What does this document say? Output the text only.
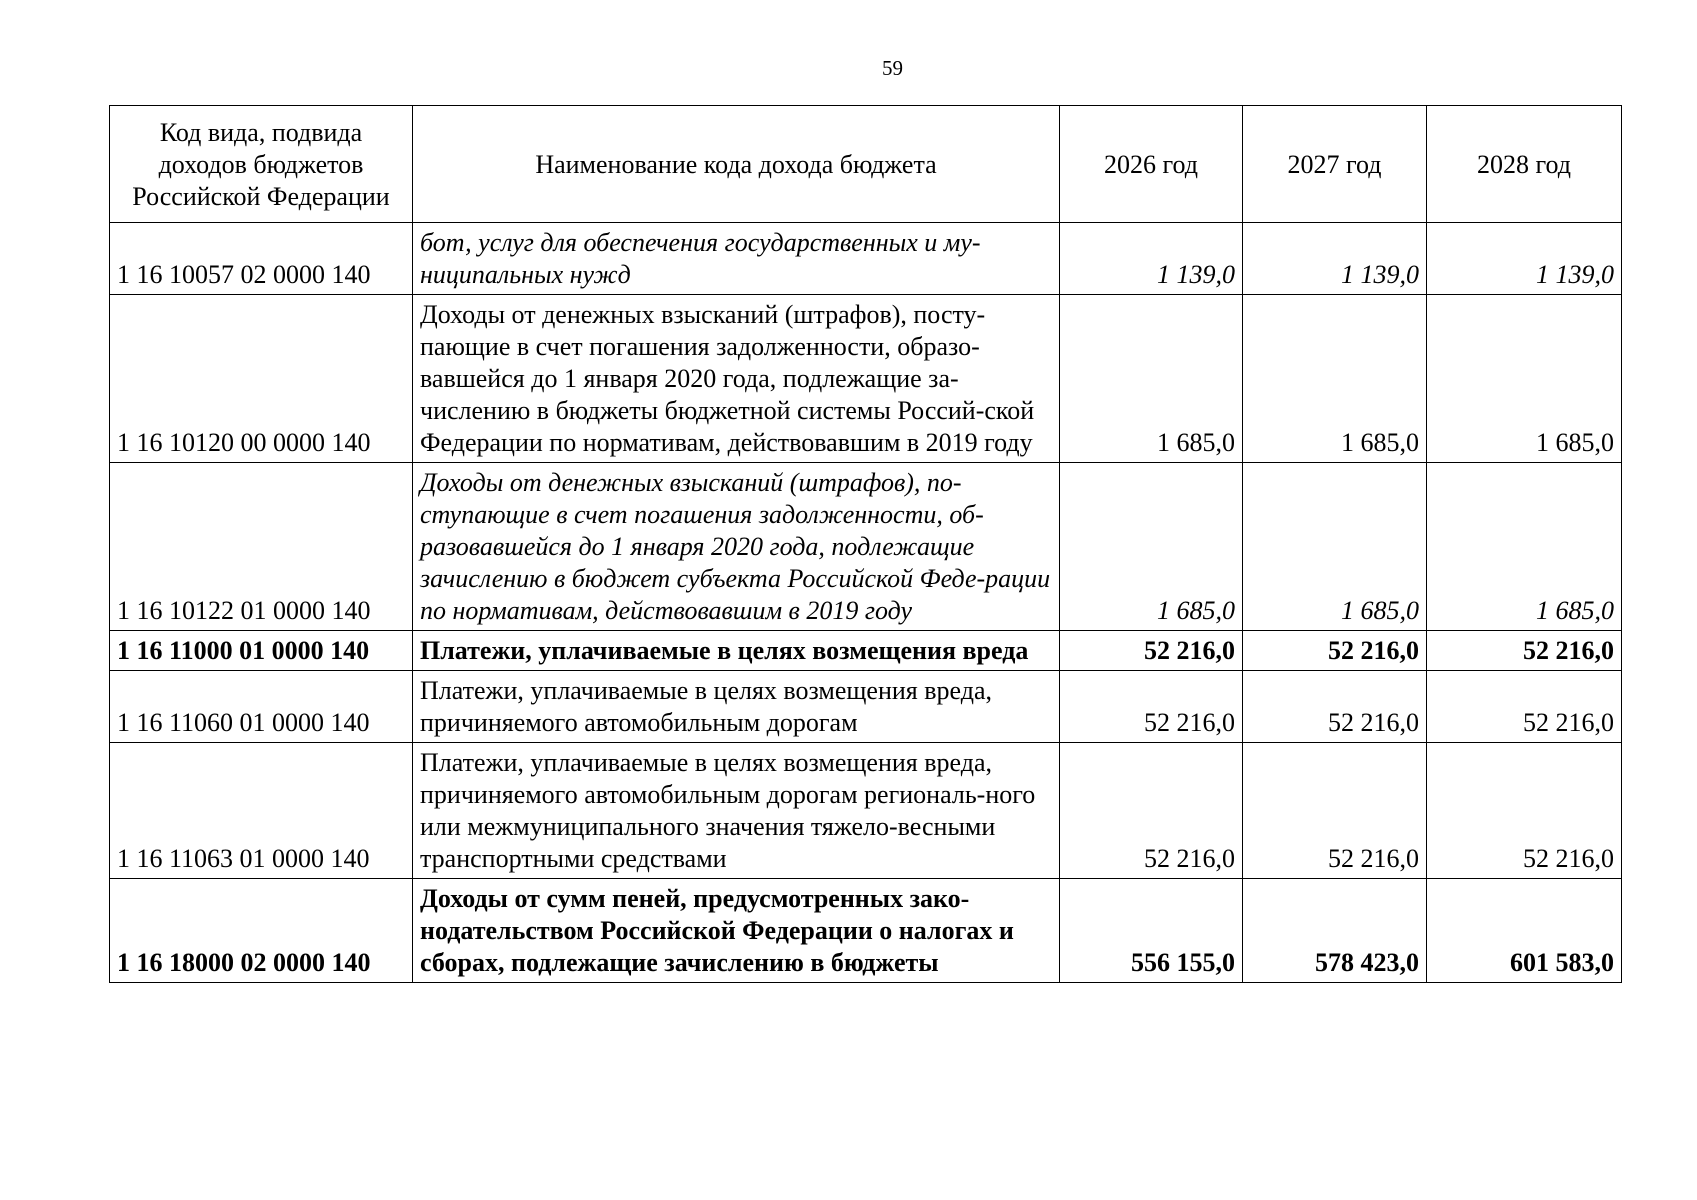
59
Код вида, подвида доходов бюджетов Российской Федерации	Наименование кода дохода бюджета	2026 год	2027 год	2028 год
1 16 10057 02 0000 140	бот, услуг для обеспечения государственных и му-ниципальных нужд	1 139,0	1 139,0	1 139,0
1 16 10120 00 0000 140	Доходы от денежных взысканий (штрафов), посту-пающие в счет погашения задолженности, образо-вавшейся до 1 января 2020 года, подлежащие за-числению в бюджеты бюджетной системы Россий-ской Федерации по нормативам, действовавшим в 2019 году	1 685,0	1 685,0	1 685,0
1 16 10122 01 0000 140	Доходы от денежных взысканий (штрафов), по-ступающие в счет погашения задолженности, об-разовавшейся до 1 января 2020 года, подлежащие зачислению в бюджет субъекта Российской Феде-рации по нормативам, действовавшим в 2019 году	1 685,0	1 685,0	1 685,0
1 16 11000 01 0000 140	Платежи, уплачиваемые в целях возмещения вреда	52 216,0	52 216,0	52 216,0
1 16 11060 01 0000 140	Платежи, уплачиваемые в целях возмещения вреда, причиняемого автомобильным дорогам	52 216,0	52 216,0	52 216,0
1 16 11063 01 0000 140	Платежи, уплачиваемые в целях возмещения вреда, причиняемого автомобильным дорогам региональ-ного или межмуниципального значения тяжело-весными транспортными средствами	52 216,0	52 216,0	52 216,0
1 16 18000 02 0000 140	Доходы от сумм пеней, предусмотренных зако-нодательством Российской Федерации о налогах и сборах, подлежащие зачислению в бюджеты	556 155,0	578 423,0	601 583,0
